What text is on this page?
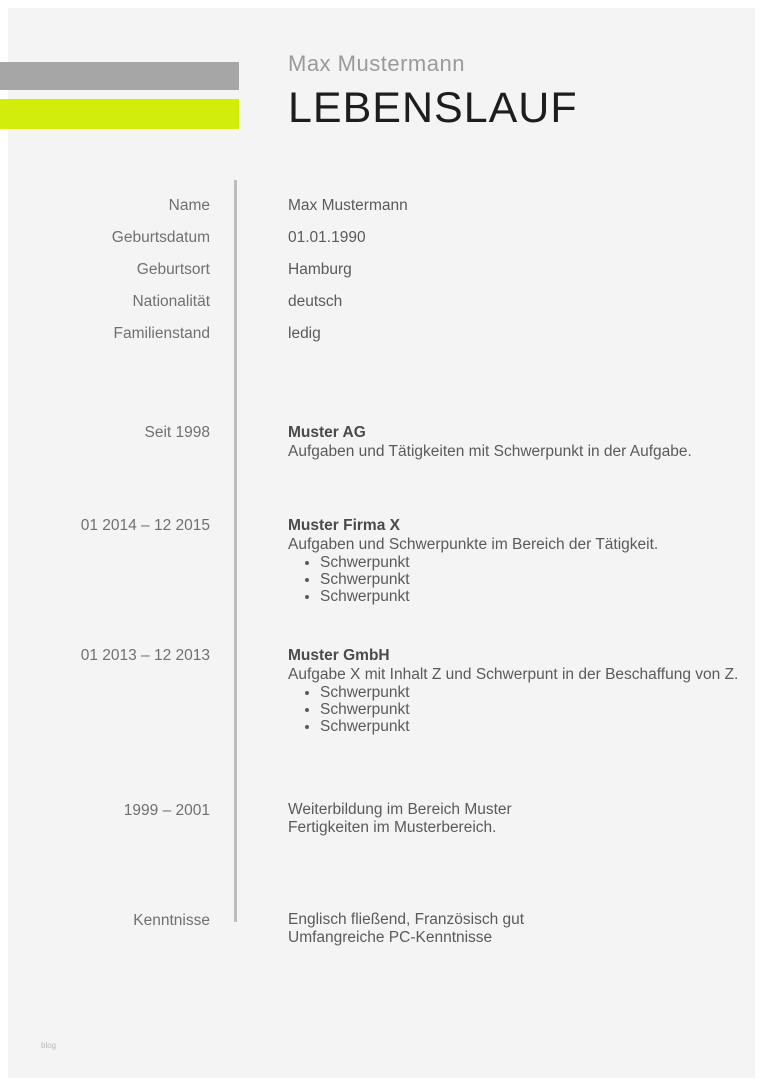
Max Mustermann
LEBENSLAUF
Name	Max Mustermann
Geburtsdatum	01.01.1990
Geburtsort	Hamburg
Nationalität	deutsch
Familienstand	ledig
Seit 1998	Muster AG
Aufgaben und Tätigkeiten mit Schwerpunkt in der Aufgabe.
01 2014 – 12 2015	Muster Firma X
Aufgaben und Schwerpunkte im Bereich der Tätigkeit.
• Schwerpunkt
• Schwerpunkt
• Schwerpunkt
01 2013 – 12 2013	Muster GmbH
Aufgabe X mit Inhalt Z und Schwerpunt in der Beschaffung von Z.
• Schwerpunkt
• Schwerpunkt
• Schwerpunkt
1999 – 2001	Weiterbildung im Bereich Muster
Fertigkeiten im Musterbereich.
Kenntnisse	Englisch fließend, Französisch gut
Umfangreiche PC-Kenntnisse
blog
